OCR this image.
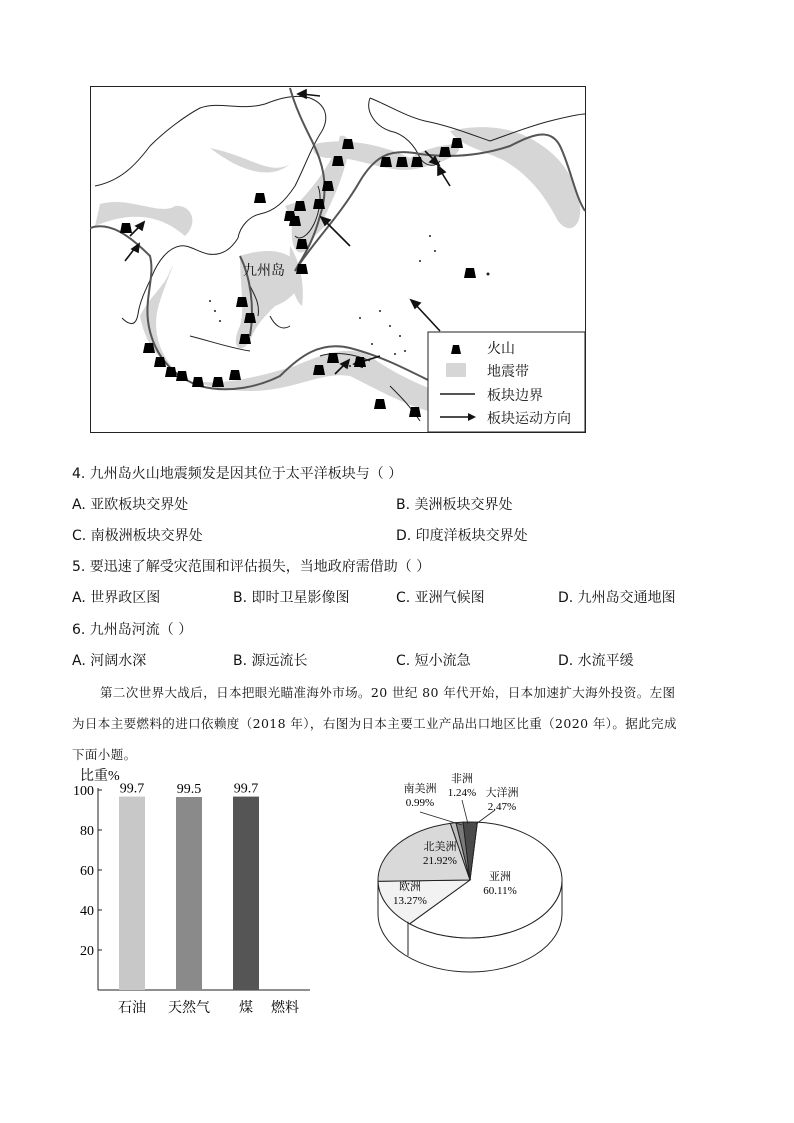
九州岛
火山
地震带
板块边界
板块运动方向
4. 九州岛火山地震频发是因其位于太平洋板块与（ ）
A. 亚欧板块交界处	B. 美洲板块交界处
C. 南极洲板块交界处	D. 印度洋板块交界处
5. 要迅速了解受灾范围和评估损失，当地政府需借助（ ）
A. 世界政区图	B. 即时卫星影像图	C. 亚洲气候图	D. 九州岛交通地图
6. 九州岛河流（ ）
A. 河阔水深	B. 源远流长	C. 短小流急	D. 水流平缓
第二次世界大战后，日本把眼光瞄准海外市场。20 世纪 80 年代开始，日本加速扩大海外投资。左图
为日本主要燃料的进口依赖度（2018 年），右图为日本主要工业产品出口地区比重（2020 年）。据此完成
下面小题。
比重%
20
40
60
80
100 99.7
石油
99.5
天然气
99.7
煤 燃料
亚洲
60.11%
欧洲
13.27%
北美洲
21.92%
南美洲
0.99%
非洲
1.24% 大洋洲
2.47%
